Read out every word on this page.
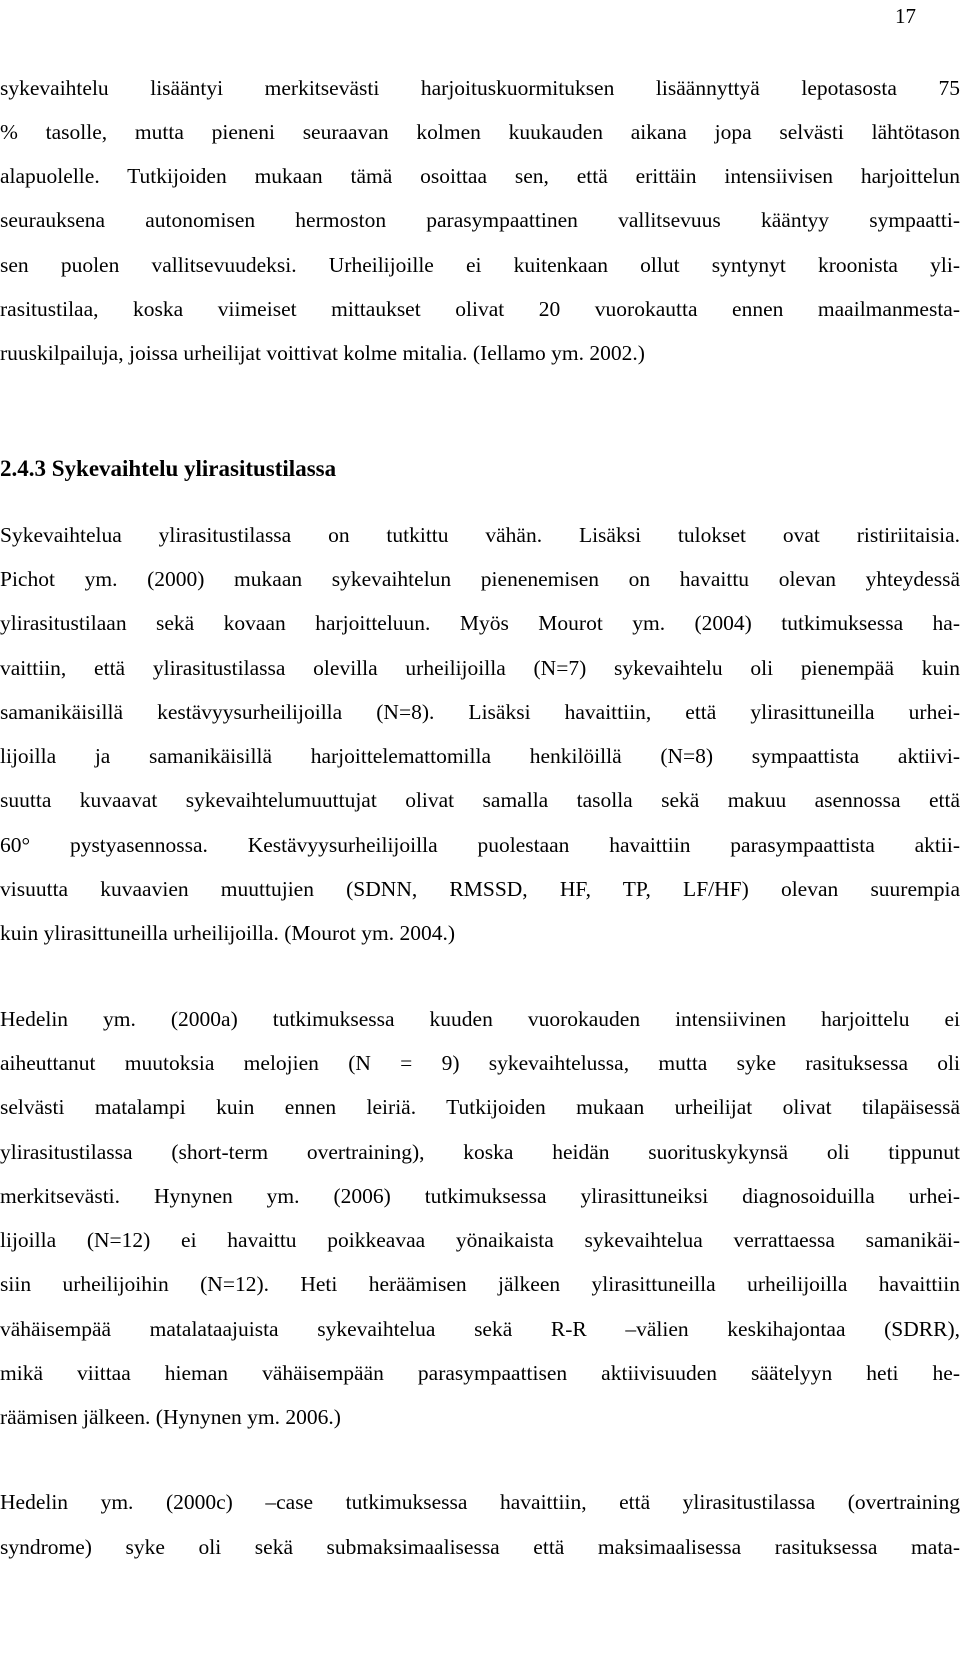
17
sykevaihtelu lisääntyi merkitsevästi harjoituskuormituksen lisäännyttyä lepotasosta 75
% tasolle, mutta pieneni seuraavan kolmen kuukauden aikana jopa selvästi lähtötason
alapuolelle. Tutkijoiden mukaan tämä osoittaa sen, että erittäin intensiivisen harjoittelun
seurauksena autonomisen hermoston parasympaattinen vallitsevuus kääntyy sympaatti-
sen puolen vallitsevuudeksi. Urheilijoille ei kuitenkaan ollut syntynyt kroonista yli-
rasitustilaa, koska viimeiset mittaukset olivat 20 vuorokautta ennen maailmanmesta-
ruuskilpailuja, joissa urheilijat voittivat kolme mitalia. (Iellamo ym. 2002.)
2.4.3 Sykevaihtelu ylirasitustilassa
Sykevaihtelua ylirasitustilassa on tutkittu vähän. Lisäksi tulokset ovat ristiriitaisia.
Pichot ym. (2000) mukaan sykevaihtelun pienenemisen on havaittu olevan yhteydessä
ylirasitustilaan sekä kovaan harjoitteluun. Myös Mourot ym. (2004) tutkimuksessa ha-
vaittiin, että ylirasitustilassa olevilla urheilijoilla (N=7) sykevaihtelu oli pienempää kuin
samanikäisillä kestävyysurheilijoilla (N=8). Lisäksi havaittiin, että ylirasittuneilla urhei-
lijoilla ja samanikäisillä harjoittelemattomilla henkilöillä (N=8) sympaattista aktiivi-
suutta kuvaavat sykevaihtelumuuttujat olivat samalla tasolla sekä makuu asennossa että
60° pystyasennossa. Kestävyysurheilijoilla puolestaan havaittiin parasympaattista aktii-
visuutta kuvaavien muuttujien (SDNN, RMSSD, HF, TP, LF/HF) olevan suurempia
kuin ylirasittuneilla urheilijoilla. (Mourot ym. 2004.)
Hedelin ym. (2000a) tutkimuksessa kuuden vuorokauden intensiivinen harjoittelu ei
aiheuttanut muutoksia melojien (N = 9) sykevaihtelussa, mutta syke rasituksessa oli
selvästi matalampi kuin ennen leiriä. Tutkijoiden mukaan urheilijat olivat tilapäisessä
ylirasitustilassa (short-term overtraining), koska heidän suorituskykynsä oli tippunut
merkitsevästi. Hynynen ym. (2006) tutkimuksessa ylirasittuneiksi diagnosoiduilla urhei-
lijoilla (N=12) ei havaittu poikkeavaa yönaikaista sykevaihtelua verrattaessa samanikäi-
siin urheilijoihin (N=12). Heti heräämisen jälkeen ylirasittuneilla urheilijoilla havaittiin
vähäisempää matalataajuista sykevaihtelua sekä R-R –välien keskihajontaa (SDRR),
mikä viittaa hieman vähäisempään parasympaattisen aktiivisuuden säätelyyn heti he-
räämisen jälkeen. (Hynynen ym. 2006.)
Hedelin ym. (2000c) –case tutkimuksessa havaittiin, että ylirasitustilassa (overtraining
syndrome) syke oli sekä submaksimaalisessa että maksimaalisessa rasituksessa mata-
